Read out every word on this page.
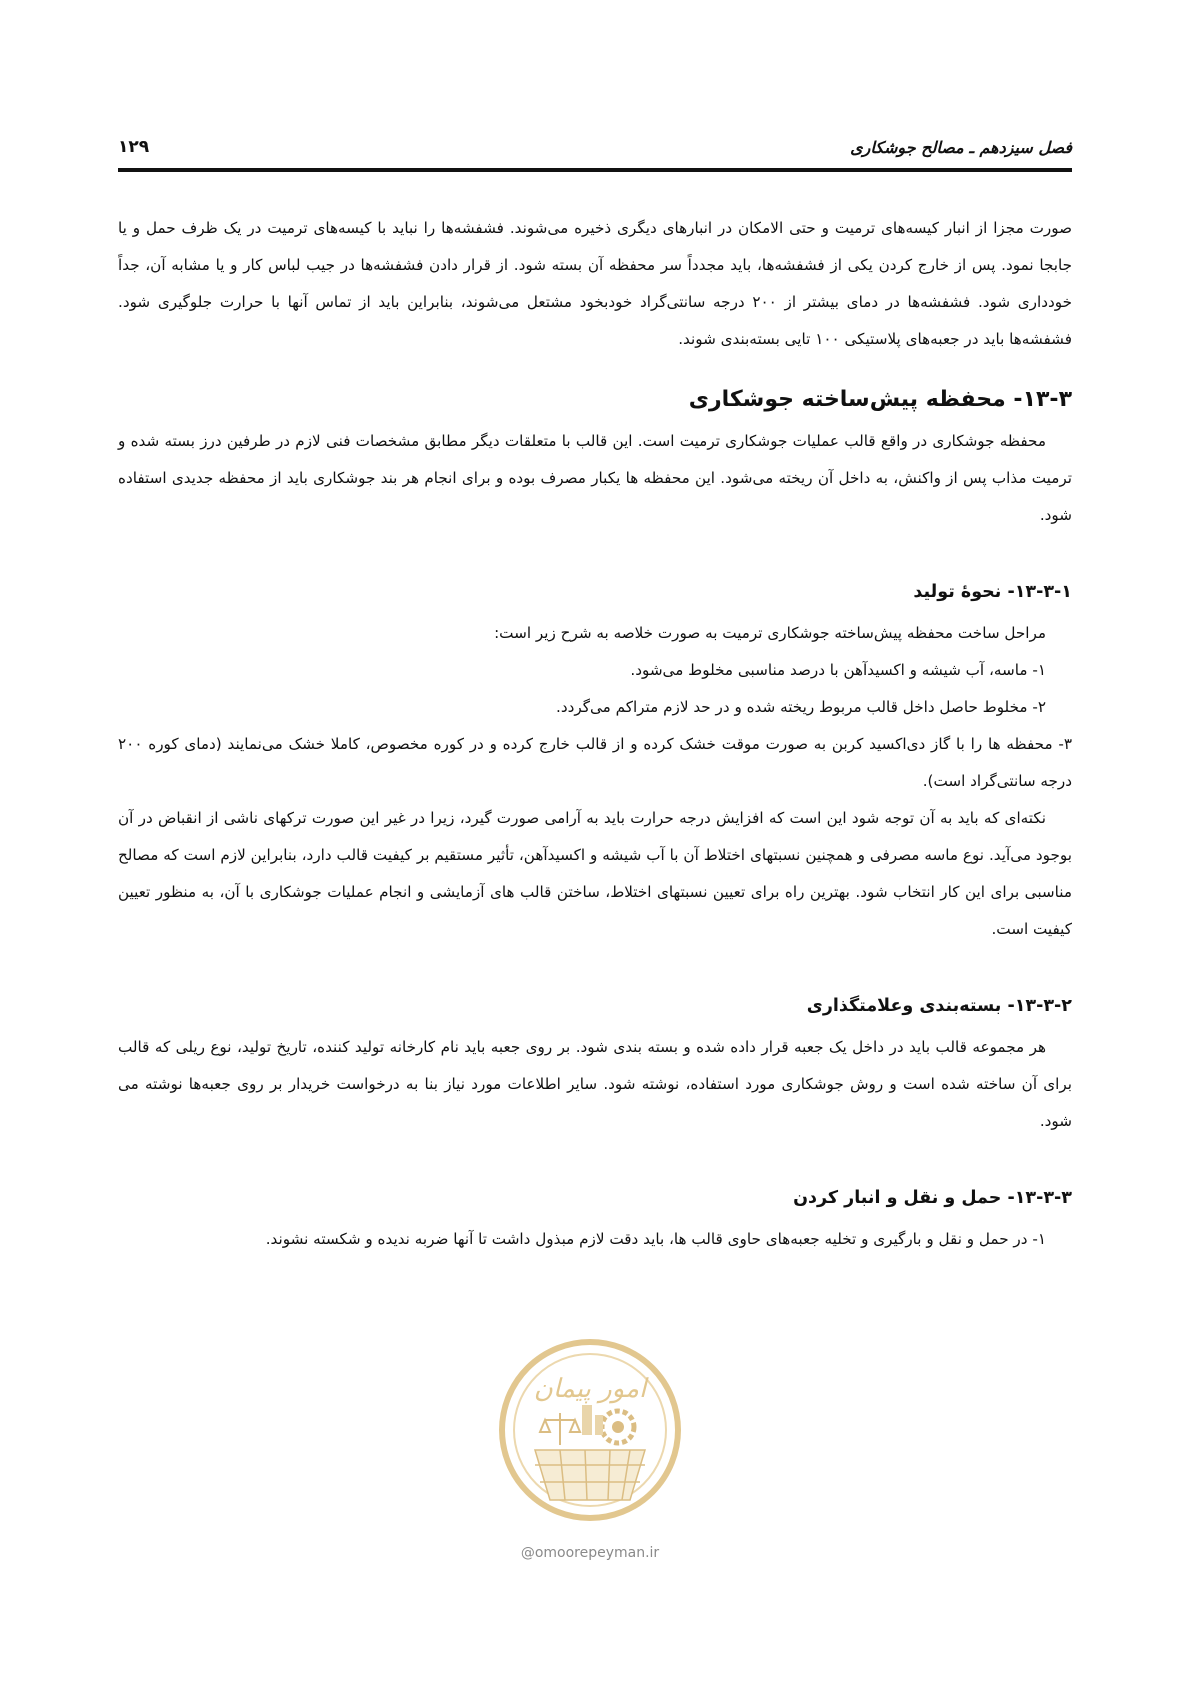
فصل سیزدهم ـ مصالح جوشکاری
۱۲۹

صورت مجزا از انبار کیسه‌های ترمیت و حتی الامکان در انبارهای دیگری ذخیره می‌شوند. فشفشه‌ها را نباید با کیسه‌های ترمیت در یک ظرف حمل و یا جابجا نمود. پس از خارج کردن یکی از فشفشه‌ها، باید مجدداً سر محفظه آن بسته شود. از قرار دادن فشفشه‌ها در جیب لباس کار و یا مشابه آن، جداً خودداری شود. فشفشه‌ها در دمای بیشتر از ۲۰۰ درجه سانتی‌گراد خودبخود مشتعل می‌شوند، بنابراین باید از تماس آنها با حرارت جلوگیری شود. فشفشه‌ها باید در جعبه‌های پلاستیکی ۱۰۰ تایی بسته‌بندی شوند.

۱۳-۳- محفظه پیش‌ساخته جوشکاری

محفظه جوشکاری در واقع قالب عملیات جوشکاری ترمیت است. این قالب با متعلقات دیگر مطابق مشخصات فنی لازم در طرفین درز بسته شده و ترمیت مذاب پس از واکنش، به داخل آن ریخته می‌شود. این محفظه ها یکبار مصرف بوده و برای انجام هر بند جوشکاری باید از محفظه جدیدی استفاده شود.

۱۳-۳-۱- نحوهٔ تولید

مراحل ساخت محفظه پیش‌ساخته جوشکاری ترمیت به صورت خلاصه به شرح زیر است:

۱- ماسه، آب شیشه و اکسیدآهن با درصد مناسبی مخلوط می‌شود.

۲- مخلوط حاصل داخل قالب مربوط ریخته شده و در حد لازم متراکم می‌گردد.

۳- محفظه ها را با گاز دی‌اکسید کربن به صورت موقت خشک کرده و از قالب خارج کرده و در کوره مخصوص، کاملا خشک می‌نمایند (دمای کوره ۲۰۰ درجه سانتی‌گراد است).

نکته‌ای که باید به آن توجه شود این است که افزایش درجه حرارت باید به آرامی صورت گیرد، زیرا در غیر این صورت ترکهای ناشی از انقباض در آن بوجود می‌آید. نوع ماسه مصرفی و همچنین نسبتهای اختلاط آن با آب شیشه و اکسیدآهن، تأثیر مستقیم بر کیفیت قالب دارد، بنابراین لازم است که مصالح مناسبی برای این کار انتخاب شود. بهترین راه برای تعیین نسبتهای اختلاط، ساختن قالب های آزمایشی و انجام عملیات جوشکاری با آن، به منظور تعیین کیفیت است.

۱۳-۳-۲- بسته‌بندی وعلامتگذاری

هر مجموعه قالب باید در داخل یک جعبه قرار داده شده و بسته بندی شود. بر روی جعبه باید نام کارخانه تولید کننده، تاریخ تولید، نوع ریلی که قالب برای آن ساخته شده است و روش جوشکاری مورد استفاده، نوشته شود. سایر اطلاعات مورد نیاز بنا به درخواست خریدار بر روی جعبه‌ها نوشته می شود.

۱۳-۳-۳- حمل و نقل و انبار کردن

۱- در حمل و نقل و بارگیری و تخلیه جعبه‌های حاوی قالب ها، باید دقت لازم مبذول داشت تا آنها ضربه ندیده و شکسته نشوند.

امور پیمان
@omoorepeyman.ir
